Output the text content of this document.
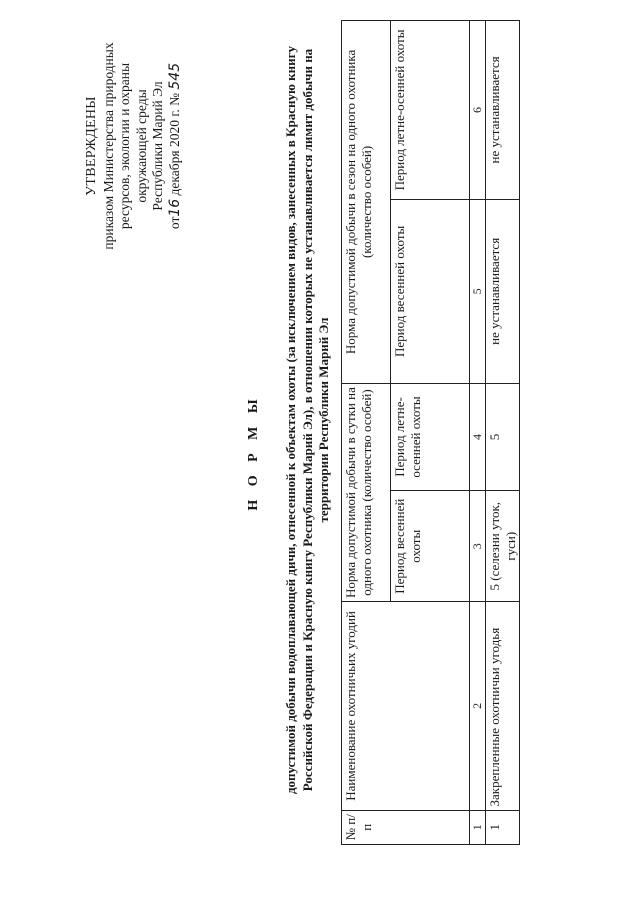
УТВЕРЖДЕНЫ приказом Министерства природных ресурсов, экологии и охраны окружающей среды Республики Марий Эл
от16 декабря 2020 г. № 545
Н О Р М Ы допустимой добычи водоплавающей дичи, отнесенной к объектам охоты (за исключением видов, занесенных в Красную книгу Российской Федерации и Красную книгу Республики Марий Эл), в отношении которых не устанавливается лимит добычи на территории Республики Марий Эл
№ п/п	Наименование охотничьих угодий	Норма допустимой добычи в сутки на одного охотника (количество особей)		Норма допустимой добычи в сезон на одного охотника (количество особей)	
		Период весенней охоты	Период летне-осенней охоты	Период весенней охоты	Период летне-осенней охоты
1	2	3	4	5	6
1	Закрепленные охотничьи угодья	5 (селезни уток, гуси)	5	не устанавливается	не устанавливается
